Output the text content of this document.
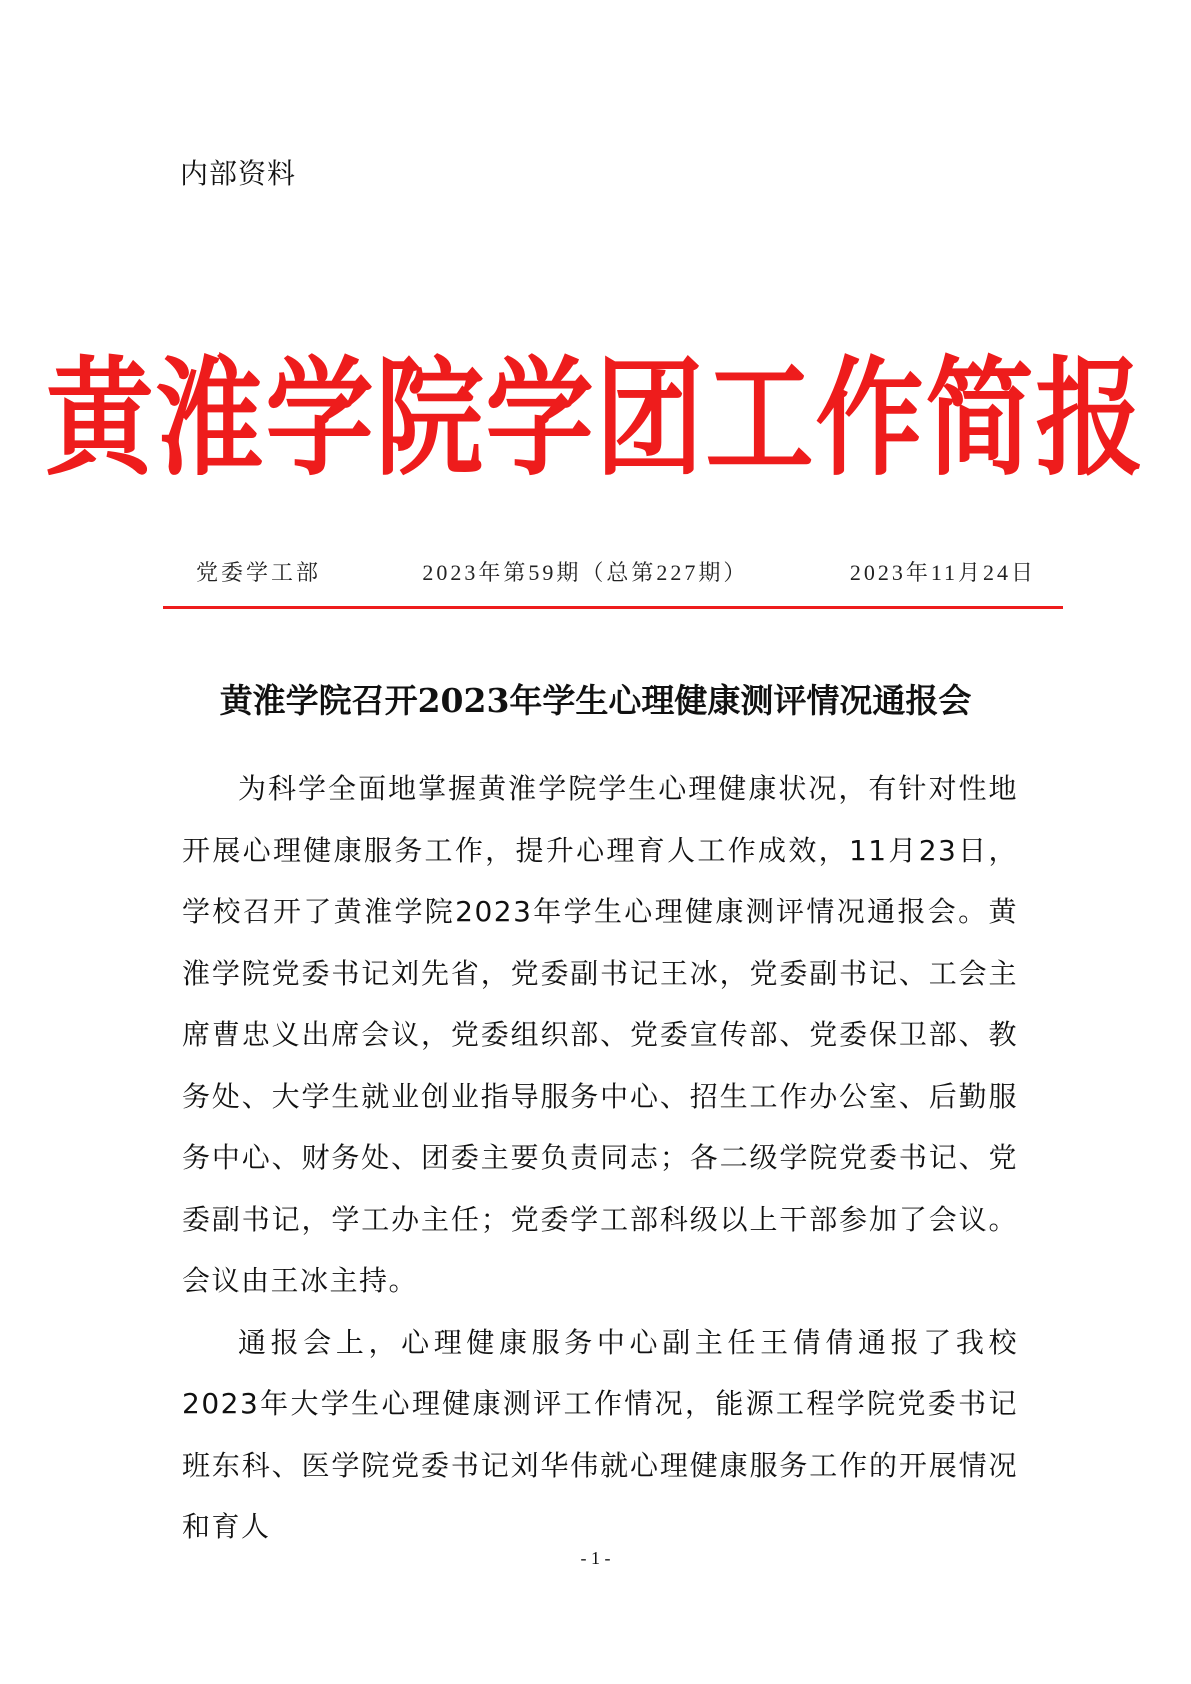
内部资料
黄淮学院学团工作简报
党委学工部	2023年第59期（总第227期）	2023年11月24日
黄淮学院召开2023年学生心理健康测评情况通报会

为科学全面地掌握黄淮学院学生心理健康状况，有针对性地开展心理健康服务工作，提升心理育人工作成效，11月23日，学校召开了黄淮学院2023年学生心理健康测评情况通报会。黄淮学院党委书记刘先省，党委副书记王冰，党委副书记、工会主席曹忠义出席会议，党委组织部、党委宣传部、党委保卫部、教务处、大学生就业创业指导服务中心、招生工作办公室、后勤服务中心、财务处、团委主要负责同志；各二级学院党委书记、党委副书记，学工办主任；党委学工部科级以上干部参加了会议。会议由王冰主持。

通报会上，心理健康服务中心副主任王倩倩通报了我校2023年大学生心理健康测评工作情况，能源工程学院党委书记班东科、医学院党委书记刘华伟就心理健康服务工作的开展情况和育人

- 1 -
